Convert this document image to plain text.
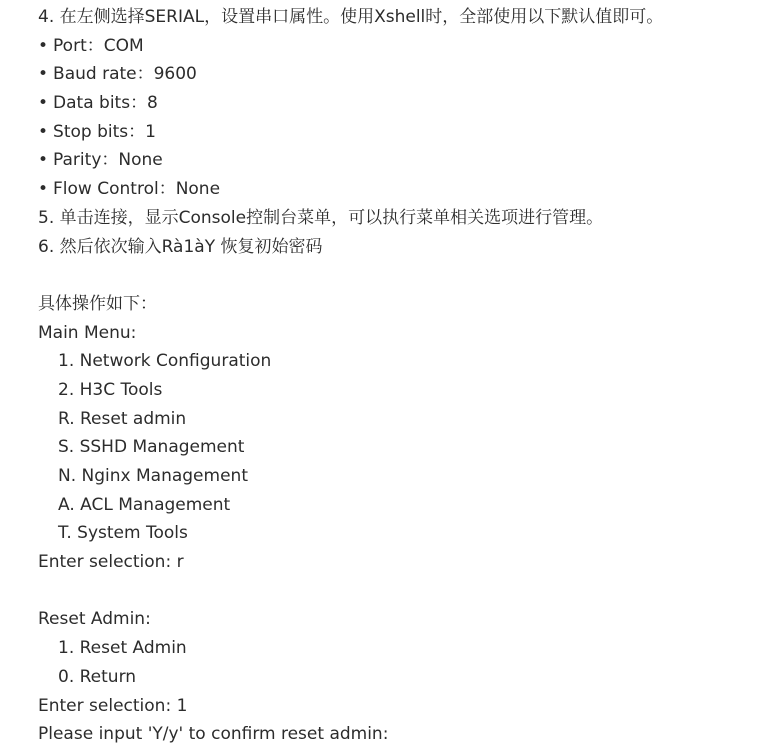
4. 在左侧选择SERIAL，设置串口属性。使用Xshell时，全部使用以下默认值即可。
• Port：COM
• Baud rate：9600
• Data bits：8
• Stop bits：1
• Parity：None
• Flow Control：None
5. 单击连接，显示Console控制台菜单，可以执行菜单相关选项进行管理。
6. 然后依次输入Rà1àY 恢复初始密码
具体操作如下：
Main Menu:
1. Network Configuration
2. H3C Tools
R. Reset admin
S. SSHD Management
N. Nginx Management
A. ACL Management
T. System Tools
Enter selection: r
Reset Admin:
1. Reset Admin
0. Return
Enter selection: 1
Please input 'Y/y' to confirm reset admin:
